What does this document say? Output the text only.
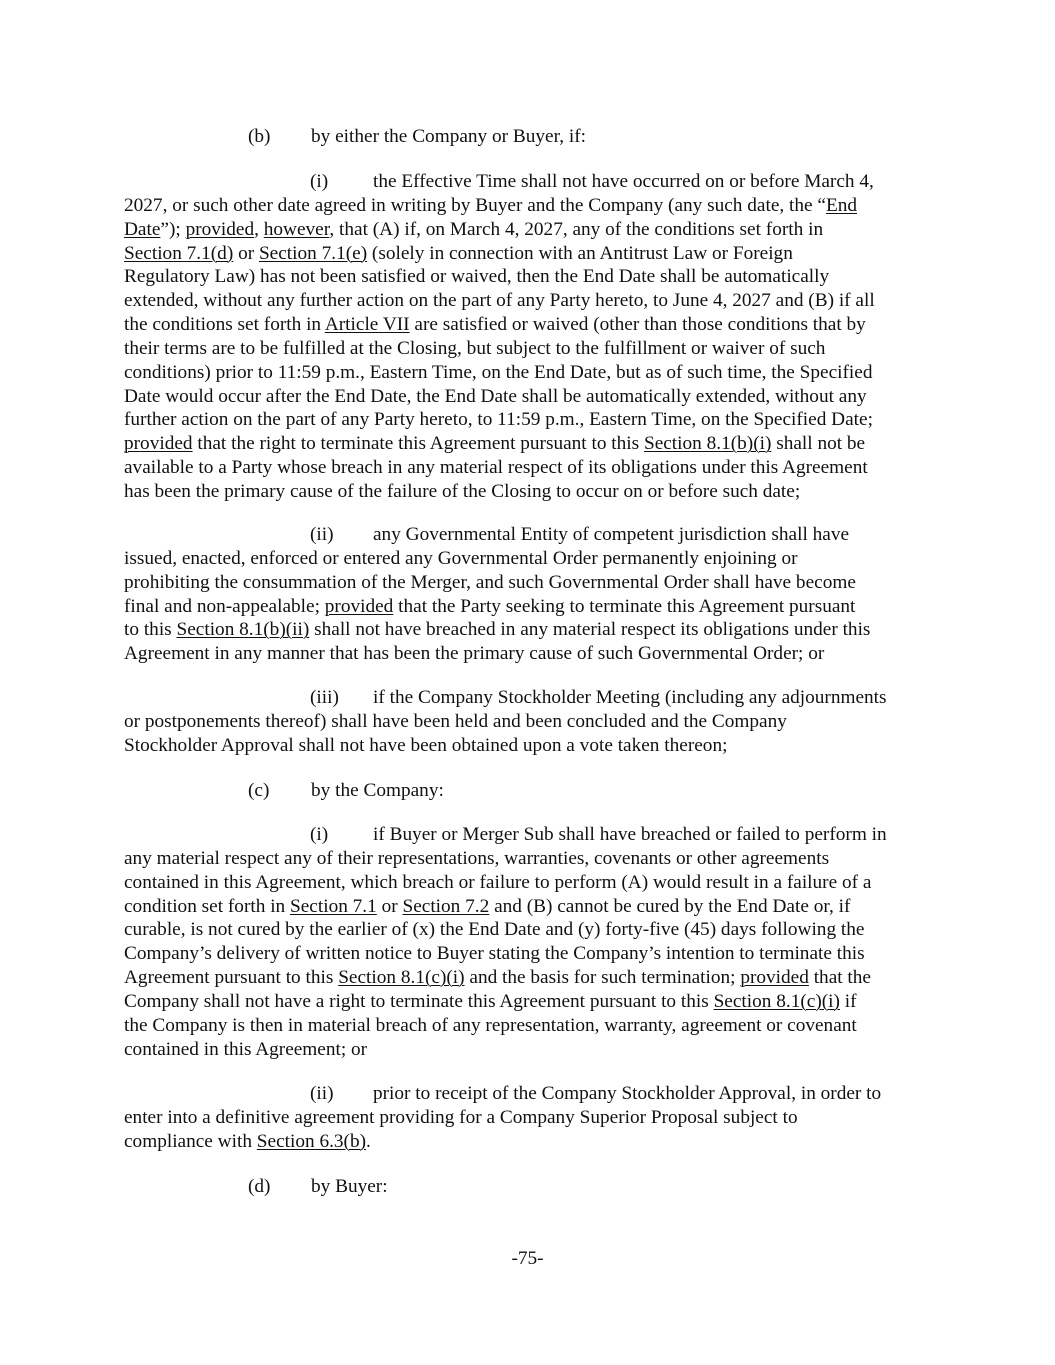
(b)	by either the Company or Buyer, if:
(i)	the Effective Time shall not have occurred on or before March 4,
2027, or such other date agreed in writing by Buyer and the Company (any such date, the “End
Date”); provided, however, that (A) if, on March 4, 2027, any of the conditions set forth in
Section 7.1(d) or Section 7.1(e) (solely in connection with an Antitrust Law or Foreign
Regulatory Law) has not been satisfied or waived, then the End Date shall be automatically
extended, without any further action on the part of any Party hereto, to June 4, 2027 and (B) if all
the conditions set forth in Article VII are satisfied or waived (other than those conditions that by
their terms are to be fulfilled at the Closing, but subject to the fulfillment or waiver of such
conditions) prior to 11:59 p.m., Eastern Time, on the End Date, but as of such time, the Specified
Date would occur after the End Date, the End Date shall be automatically extended, without any
further action on the part of any Party hereto, to 11:59 p.m., Eastern Time, on the Specified Date;
provided that the right to terminate this Agreement pursuant to this Section 8.1(b)(i) shall not be
available to a Party whose breach in any material respect of its obligations under this Agreement
has been the primary cause of the failure of the Closing to occur on or before such date;
(ii)	any Governmental Entity of competent jurisdiction shall have
issued, enacted, enforced or entered any Governmental Order permanently enjoining or
prohibiting the consummation of the Merger, and such Governmental Order shall have become
final and non-appealable; provided that the Party seeking to terminate this Agreement pursuant
to this Section 8.1(b)(ii) shall not have breached in any material respect its obligations under this
Agreement in any manner that has been the primary cause of such Governmental Order; or
(iii)	if the Company Stockholder Meeting (including any adjournments
or postponements thereof) shall have been held and been concluded and the Company
Stockholder Approval shall not have been obtained upon a vote taken thereon;
(c)	by the Company:
(i)	if Buyer or Merger Sub shall have breached or failed to perform in
any material respect any of their representations, warranties, covenants or other agreements
contained in this Agreement, which breach or failure to perform (A) would result in a failure of a
condition set forth in Section 7.1 or Section 7.2 and (B) cannot be cured by the End Date or, if
curable, is not cured by the earlier of (x) the End Date and (y) forty-five (45) days following the
Company’s delivery of written notice to Buyer stating the Company’s intention to terminate this
Agreement pursuant to this Section 8.1(c)(i) and the basis for such termination; provided that the
Company shall not have a right to terminate this Agreement pursuant to this Section 8.1(c)(i) if
the Company is then in material breach of any representation, warranty, agreement or covenant
contained in this Agreement; or
(ii)	prior to receipt of the Company Stockholder Approval, in order to
enter into a definitive agreement providing for a Company Superior Proposal subject to
compliance with Section 6.3(b).
(d)	by Buyer:
-75-
